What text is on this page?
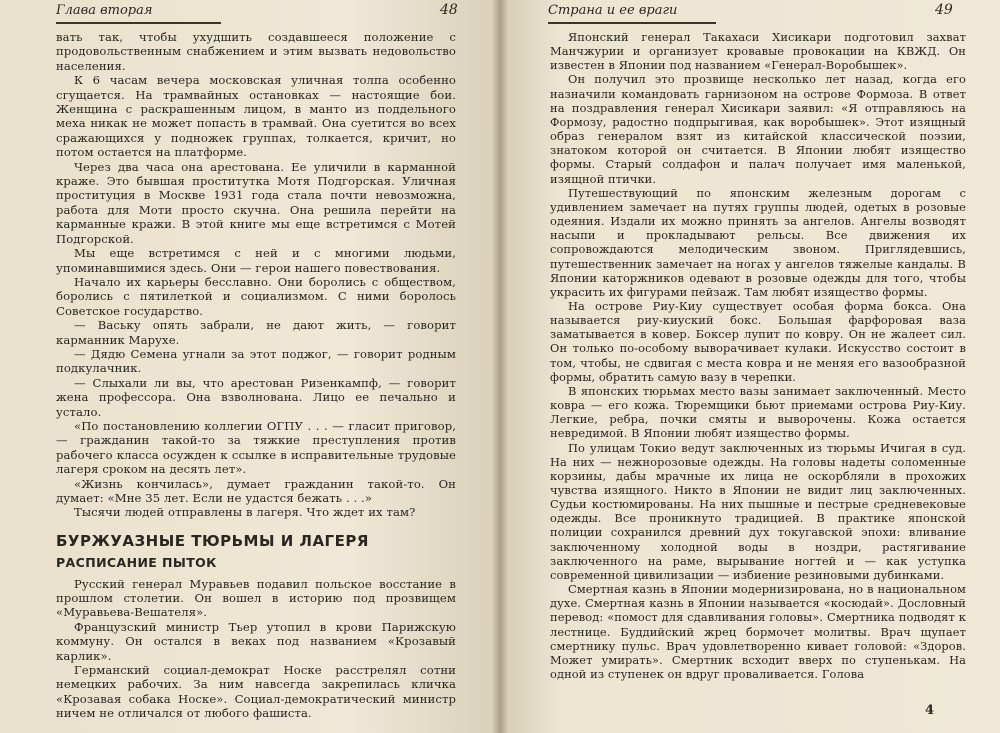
Глава вторая	48

вать так, чтобы ухудшить создавшееся положение с продовольственным снабжением и этим вызвать недовольство населения.

К 6 часам вечера московская уличная толпа особенно сгущается. На трамвайных остановках — настоящие бои. Женщина с раскрашенным лицом, в манто из поддельного меха никак не может попасть в трамвай. Она суетится во всех сражающихся у подножек группах, толкается, кричит, но потом остается на платформе.

Через два часа она арестована. Ее уличили в карманной краже. Это бывшая проститутка Мотя Подгорская. Уличная проституция в Москве 1931 года стала почти невозможна, работа для Моти просто скучна. Она решила перейти на карманные кражи. В этой книге мы еще встретимся с Мотей Подгорской.

Мы еще встретимся с ней и с многими людьми, упоминавшимися здесь. Они — герои нашего повествования.

Начало их карьеры бесславно. Они боролись с обществом, боролись с пятилеткой и социализмом. С ними боролось Советское государство.

— Ваську опять забрали, не дают жить, — говорит карманник Марухе.

— Дядю Семена угнали за этот поджог, — говорит родным подкулачник.

— Слыхали ли вы, что арестован Ризенкампф, — говорит жена профессора. Она взволнована. Лицо ее печально и устало.

«По постановлению коллегии ОГПУ . . . — гласит приговор, — гражданин такой-то за тяжкие преступления против рабочего класса осужден к ссылке в исправительные трудовые лагеря сроком на десять лет».

«Жизнь кончилась», думает гражданин такой-то. Он думает: «Мне 35 лет. Если не удастся бежать . . .»

Тысячи людей отправлены в лагеря. Что ждет их там?

БУРЖУАЗНЫЕ ТЮРЬМЫ И ЛАГЕРЯ
РАСПИСАНИЕ ПЫТОК

Русский генерал Муравьев подавил польское восстание в прошлом столетии. Он вошел в историю под прозвищем «Муравьева-Вешателя».

Французский министр Тьер утопил в крови Парижскую коммуну. Он остался в веках под названием «Крозавый карлик».

Германский социал-демократ Носке расстрелял сотни немецких рабочих. За ним навсегда закрепилась кличка «Крозавая собака Носке». Социал-демократический министр ничем не отличался от любого фашиста.

Страна и ее враги	49

Японский генерал Такахаси Хисикари подготовил захват Манчжурии и организует кровавые провокации на КВЖД. Он известен в Японии под названием «Генерал-Воробышек».

Он получил это прозвище несколько лет назад, когда его назначили командовать гарнизоном на острове Формоза. В ответ на поздравления генерал Хисикари заявил: «Я отправляюсь на Формозу, радостно подпрыгивая, как воробышек». Этот изящный образ генералом взят из китайской классической поэзии, знатоком которой он считается. В Японии любят изящество формы. Старый солдафон и палач получает имя маленькой, изящной птички.

Путешествующий по японским железным дорогам с удивлением замечает на путях группы людей, одетых в розовые одеяния. Издали их можно принять за ангелов. Ангелы возводят насыпи и прокладывают рельсы. Все движения их сопровождаются мелодическим звоном. Приглядевшись, путешественник замечает на ногах у ангелов тяжелые кандалы. В Японии каторжников одевают в розовые одежды для того, чтобы украсить их фигурами пейзаж. Там любят изящество формы.

На острове Риу-Киу существует особая форма бокса. Она называется риу-киуский бокс. Большая фарфоровая ваза заматывается в ковер. Боксер лупит по ковру. Он не жалеет сил. Он только по-особому выворачивает кулаки. Искусство состоит в том, чтобы, не сдвигая с места ковра и не меняя его вазообразной формы, обратить самую вазу в черепки.

В японских тюрьмах место вазы занимает заключенный. Место ковра — его кожа. Тюремщики бьют приемами острова Риу-Киу. Легкие, ребра, почки смяты и выворочены. Кожа остается невредимой. В Японии любят изящество формы.

По улицам Токио ведут заключенных из тюрьмы Ичигая в суд. На них — нежнорозовые одежды. На головы надеты соломенные корзины, дабы мрачные их лица не оскорбляли в прохожих чувства изящного. Никто в Японии не видит лиц заключенных. Судьи костюмированы. На них пышные и пестрые средневековые одежды. Все проникнуто традицией. В практике японской полиции сохранился древний дух токугавской эпохи: вливание заключенному холодной воды в ноздри, растягивание заключенного на раме, вырывание ногтей и — как уступка современной цивилизации — избиение резиновыми дубинками.

Смертная казнь в Японии модернизирована, но в национальном духе. Смертная казнь в Японии называется «косюдай». Дословный перевод: «помост для сдавливания головы». Смертника подводят к лестнице. Буддийский жрец бормочет молитвы. Врач щупает смертнику пульс. Врач удовлетворенно кивает головой: «Здоров. Может умирать». Смертник всходит вверх по ступенькам. На одной из ступенек он вдруг проваливается. Голова

4
